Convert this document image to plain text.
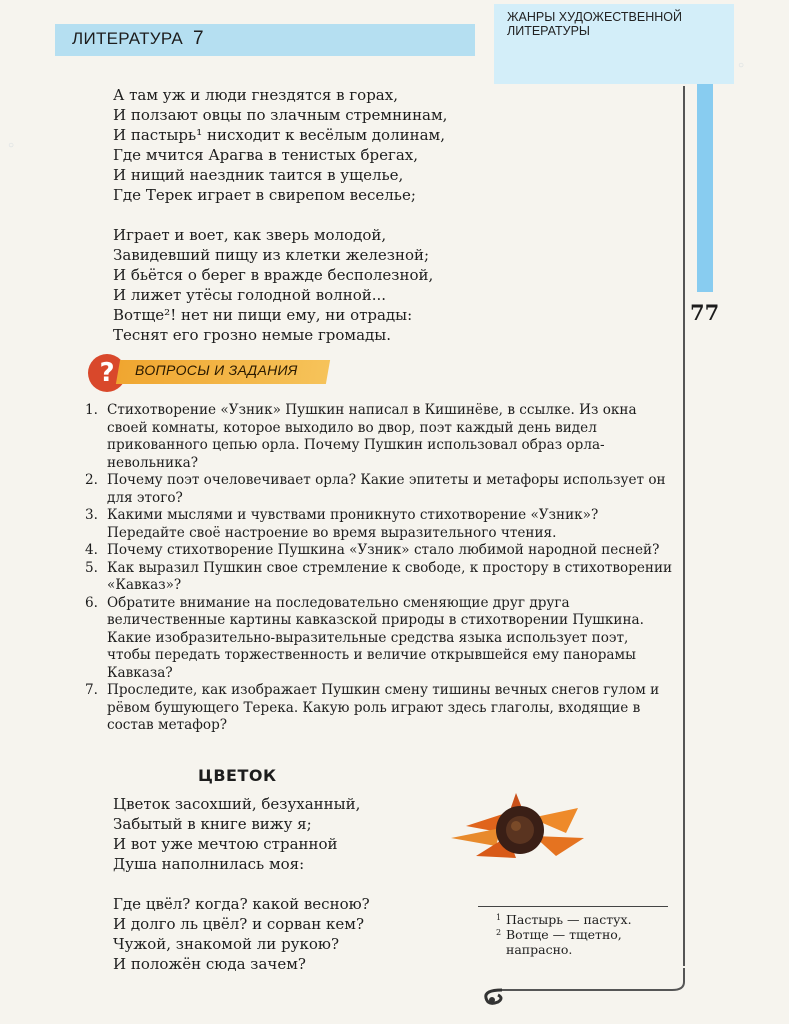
ЛИТЕРАТУРА 7
ЖАНРЫ ХУДОЖЕСТВЕННОЙ ЛИТЕРАТУРЫ
77
А там уж и люди гнездятся в горах,
И ползают овцы по злачным стремнинам,
И пастырь¹ нисходит к весёлым долинам,
Где мчится Арагва в тенистых брегах,
И нищий наездник таится в ущелье,
Где Терек играет в свирепом веселье;
Играет и воет, как зверь молодой,
Завидевший пищу из клетки железной;
И бьётся о берег в вражде бесполезной,
И лижет утёсы голодной волной...
Вотще²! нет ни пищи ему, ни отрады:
Теснят его грозно немые громады.
?	ВОПРОСЫ И ЗАДАНИЯ
1. Стихотворение «Узник» Пушкин написал в Кишинёве, в ссылке. Из окна своей комнаты, которое выходило во двор, поэт каждый день видел прикованного цепью орла. Почему Пушкин использовал образ орла-невольника?
2. Почему поэт очеловечивает орла? Какие эпитеты и метафоры использует он для этого?
3. Какими мыслями и чувствами проникнуто стихотворение «Узник»? Передайте своё настроение во время выразительного чтения.
4. Почему стихотворение Пушкина «Узник» стало любимой народной песней?
5. Как выразил Пушкин свое стремление к свободе, к простору в стихотворении «Кавказ»?
6. Обратите внимание на последовательно сменяющие друг друга величественные картины кавказской природы в стихотворении Пушкина. Какие изобразительно-выразительные средства языка использует поэт, чтобы передать торжественность и величие открывшейся ему панорамы Кавказа?
7. Проследите, как изображает Пушкин смену тишины вечных снегов гулом и рёвом бушующего Терека. Какую роль играют здесь глаголы, входящие в состав метафор?
ЦВЕТОК
Цветок засохший, безуханный,
Забытый в книге вижу я;
И вот уже мечтою странной
Душа наполнилась моя:
Где цвёл? когда? какой весною?
И долго ль цвёл? и сорван кем?
Чужой, знакомой ли рукою?
И положён сюда зачем?
1 Пастырь — пастух.
2 Вотще — тщетно, напрасно.
○
○
